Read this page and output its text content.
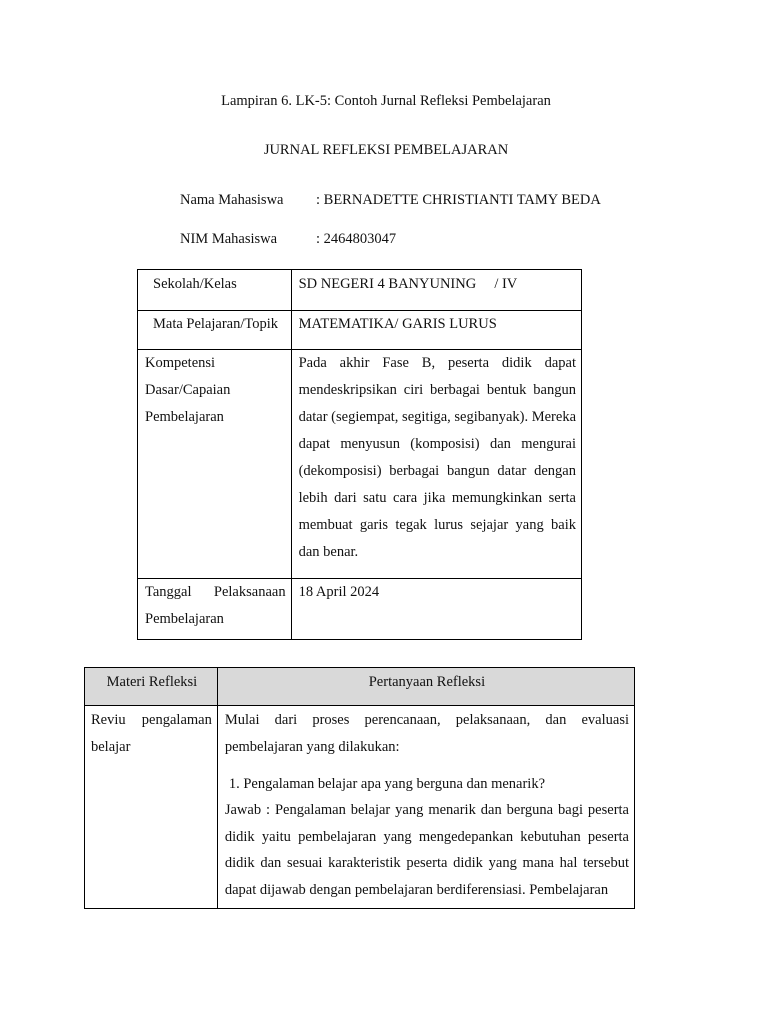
Lampiran 6. LK-5: Contoh Jurnal Refleksi Pembelajaran
JURNAL REFLEKSI PEMBELAJARAN
Nama Mahasiswa : BERNADETTE CHRISTIANTI TAMY BEDA
NIM Mahasiswa	: 2464803047
Sekolah/Kelas	SD NEGERI 4 BANYUNING     / IV

Mata Pelajaran/Topik	MATEMATIKA/ GARIS LURUS

Kompetensi Dasar/Capaian Pembelajaran	Pada akhir Fase B, peserta didik dapat mendeskripsikan ciri berbagai bentuk bangun datar (segiempat, segitiga, segibanyak). Mereka dapat menyusun (komposisi) dan mengurai (dekomposisi) berbagai bangun datar dengan lebih dari satu cara jika memungkinkan serta membuat garis tegak lurus sejajar yang baik dan benar.

Tanggal Pelaksanaan Pembelajaran	18 April 2024
Materi Refleksi	Pertanyaan Refleksi

Reviu pengalaman belajar	Mulai dari proses perencanaan, pelaksanaan, dan evaluasi pembelajaran yang dilakukan:
1. Pengalaman belajar apa yang berguna dan menarik?
Jawab : Pengalaman belajar yang menarik dan berguna bagi peserta didik yaitu pembelajaran yang mengedepankan kebutuhan peserta didik dan sesuai karakteristik peserta didik yang mana hal tersebut dapat dijawab dengan pembelajaran berdiferensiasi. Pembelajaran
